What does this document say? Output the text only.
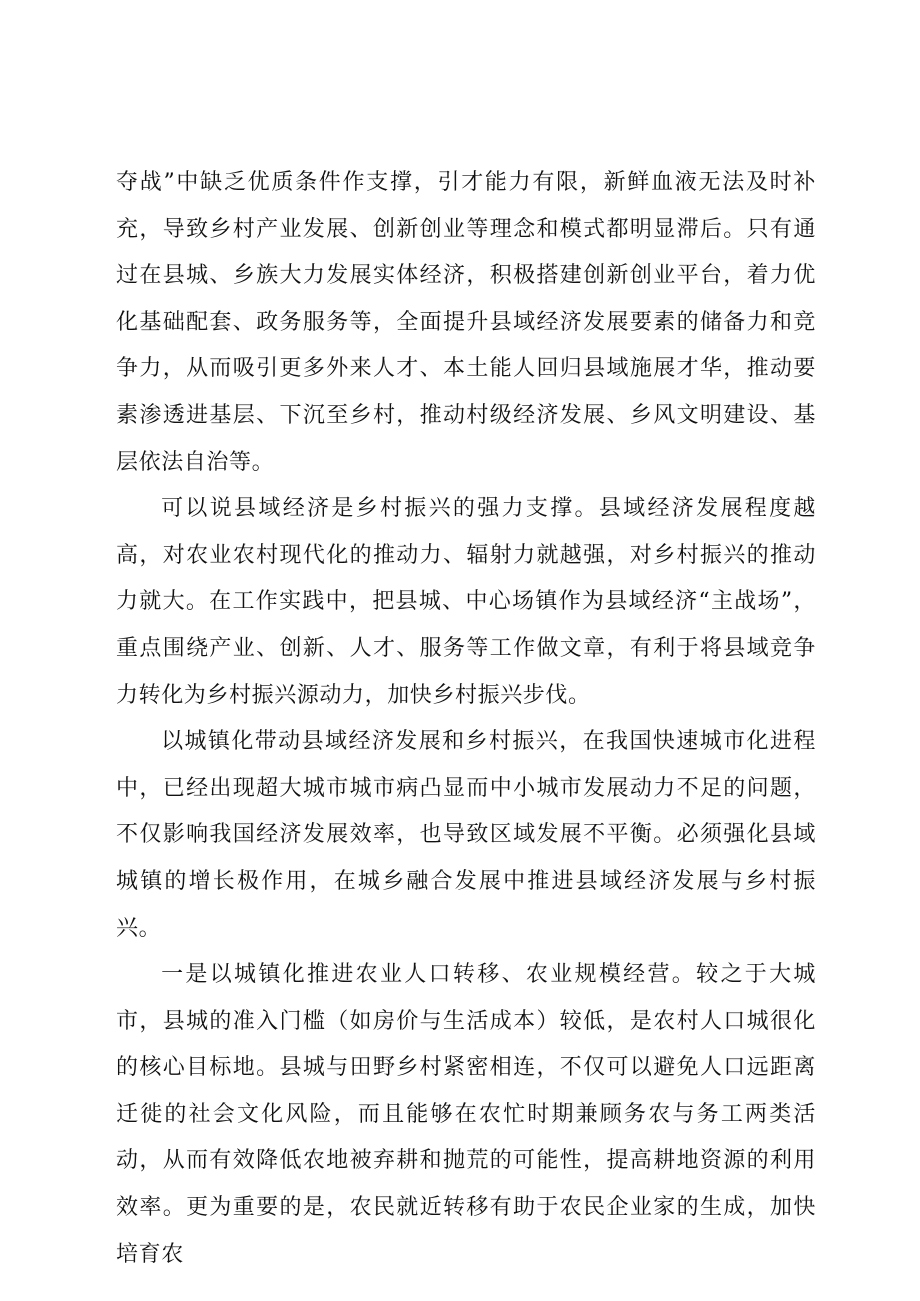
夺战”中缺乏优质条件作支撑，引才能力有限，新鲜血液无法及时补充，导致乡村产业发展、创新创业等理念和模式都明显滞后。只有通过在县城、乡族大力发展实体经济，积极搭建创新创业平台，着力优化基础配套、政务服务等，全面提升县域经济发展要素的储备力和竞争力，从而吸引更多外来人才、本土能人回归县域施展才华，推动要素渗透进基层、下沉至乡村，推动村级经济发展、乡风文明建设、基层依法自治等。

可以说县域经济是乡村振兴的强力支撑。县域经济发展程度越高，对农业农村现代化的推动力、辐射力就越强，对乡村振兴的推动力就大。在工作实践中，把县城、中心场镇作为县域经济“主战场”，重点围绕产业、创新、人才、服务等工作做文章，有利于将县域竞争力转化为乡村振兴源动力，加快乡村振兴步伐。

以城镇化带动县域经济发展和乡村振兴，在我国快速城市化进程中，已经出现超大城市城市病凸显而中小城市发展动力不足的问题，不仅影响我国经济发展效率，也导致区域发展不平衡。必须强化县域城镇的增长极作用，在城乡融合发展中推进县域经济发展与乡村振兴。

一是以城镇化推进农业人口转移、农业规模经营。较之于大城市，县城的准入门槛（如房价与生活成本）较低，是农村人口城很化的核心目标地。县城与田野乡村紧密相连，不仅可以避免人口远距离迁徙的社会文化风险，而且能够在农忙时期兼顾务农与务工两类活动，从而有效降低农地被弃耕和抛荒的可能性，提高耕地资源的利用效率。更为重要的是，农民就近转移有助于农民企业家的生成，加快培育农
